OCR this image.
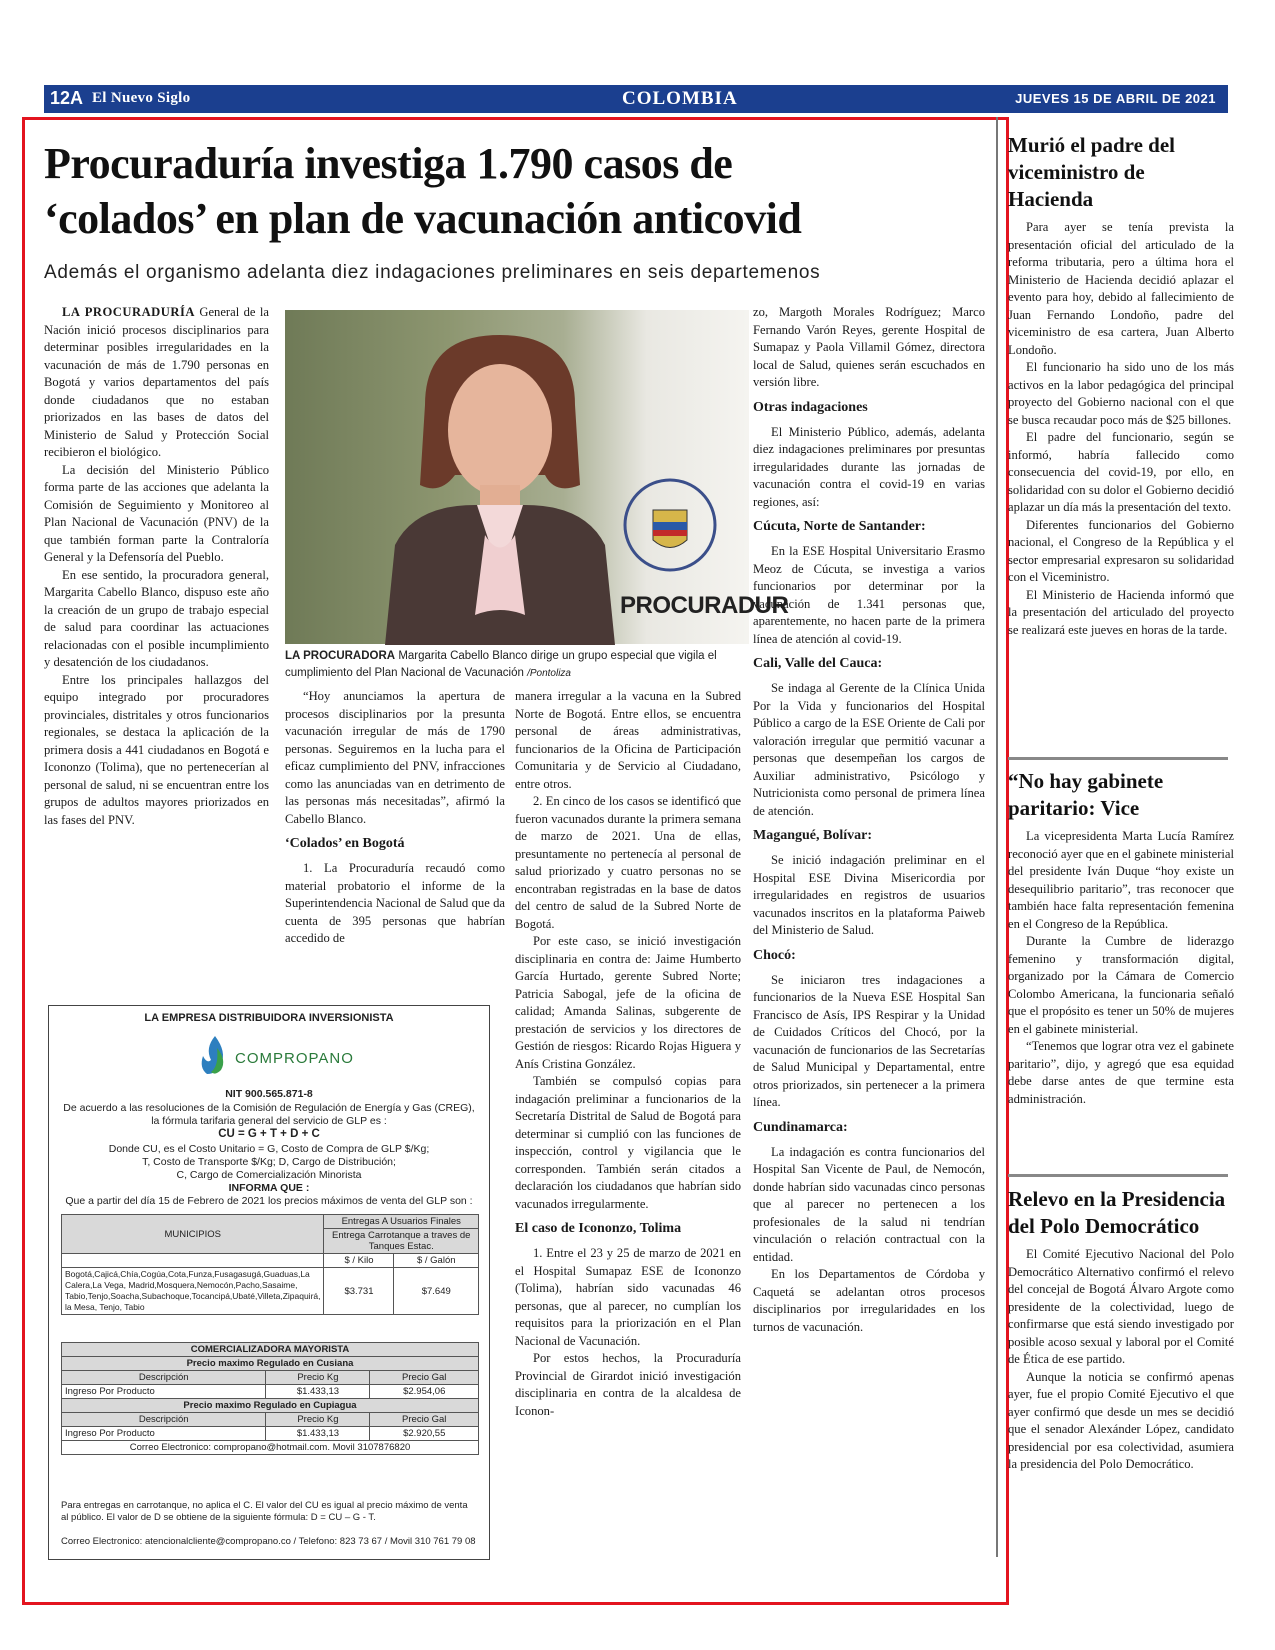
12A El Nuevo Siglo	COLOMBIA	JUEVES 15 DE ABRIL DE 2021
Procuraduría investiga 1.790 casos de
‘colados’ en plan de vacunación anticovid
Además el organismo adelanta diez indagaciones preliminares en seis departemenos

LA PROCURADURÍA General de la Nación inició procesos disciplinarios para determinar posibles irregularidades en la vacunación de más de 1.790 personas en Bogotá y varios departamentos del país donde ciudadanos que no estaban priorizados en las bases de datos del Ministerio de Salud y Protección Social recibieron el biológico.

La decisión del Ministerio Público forma parte de las acciones que adelanta la Comisión de Seguimiento y Monitoreo al Plan Nacional de Vacunación (PNV) de la que también forman parte la Contraloría General y la Defensoría del Pueblo.

En ese sentido, la procuradora general, Margarita Cabello Blanco, dispuso este año la creación de un grupo de trabajo especial de salud para coordinar las actuaciones relacionadas con el posible incumplimiento y desatención de los ciudadanos.

Entre los principales hallazgos del equipo integrado por procuradores provinciales, distritales y otros funcionarios regionales, se destaca la aplicación de la primera dosis a 441 ciudadanos en Bogotá e Icononzo (Tolima), que no pertenecerían al personal de salud, ni se encuentran entre los grupos de adultos mayores priorizados en las fases del PNV.

PROCURADUR
LA PROCURADORA Margarita Cabello Blanco dirige un grupo especial que vigila el cumplimiento del Plan Nacional de Vacunación /Pontoliza

“Hoy anunciamos la apertura de procesos disciplinarios por la presunta vacunación irregular de más de 1790 personas. Seguiremos en la lucha para el eficaz cumplimiento del PNV, infracciones como las anunciadas van en detrimento de las personas más necesitadas”, afirmó la Cabello Blanco.

‘Colados’ en Bogotá

1. La Procuraduría recaudó como material probatorio el informe de la Superintendencia Nacional de Salud que da cuenta de 395 personas que habrían accedido de

manera irregular a la vacuna en la Subred Norte de Bogotá. Entre ellos, se encuentra personal de áreas administrativas, funcionarios de la Oficina de Participación Comunitaria y de Servicio al Ciudadano, entre otros.

2. En cinco de los casos se identificó que fueron vacunados durante la primera semana de marzo de 2021. Una de ellas, presuntamente no pertenecía al personal de salud priorizado y cuatro personas no se encontraban registradas en la base de datos del centro de salud de la Subred Norte de Bogotá.

Por este caso, se inició investigación disciplinaria en contra de: Jaime Humberto García Hurtado, gerente Subred Norte; Patricia Sabogal, jefe de la oficina de calidad; Amanda Salinas, subgerente de prestación de servicios y los directores de Gestión de riesgos: Ricardo Rojas Higuera y Anís Cristina González.

También se compulsó copias para indagación preliminar a funcionarios de la Secretaría Distrital de Salud de Bogotá para determinar si cumplió con las funciones de inspección, control y vigilancia que le corresponden. También serán citados a declaración los ciudadanos que habrían sido vacunados irregularmente.

El caso de Icononzo, Tolima

1. Entre el 23 y 25 de marzo de 2021 en el Hospital Sumapaz ESE de Icononzo (Tolima), habrían sido vacunadas 46 personas, que al parecer, no cumplían los requisitos para la priorización en el Plan Nacional de Vacunación.

Por estos hechos, la Procuraduría Provincial de Girardot inició investigación disciplinaria en contra de la alcaldesa de Iconon-

zo, Margoth Morales Rodríguez; Marco Fernando Varón Reyes, gerente Hospital de Sumapaz y Paola Villamil Gómez, directora local de Salud, quienes serán escuchados en versión libre.

Otras indagaciones

El Ministerio Público, además, adelanta diez indagaciones preliminares por presuntas irregularidades durante las jornadas de vacunación contra el covid-19 en varias regiones, así:

Cúcuta, Norte de Santander:

En la ESE Hospital Universitario Erasmo Meoz de Cúcuta, se investiga a varios funcionarios por determinar por la vacunación de 1.341 personas que, aparentemente, no hacen parte de la primera línea de atención al covid-19.

Cali, Valle del Cauca:

Se indaga al Gerente de la Clínica Unida Por la Vida y funcionarios del Hospital Público a cargo de la ESE Oriente de Cali por valoración irregular que permitió vacunar a personas que desempeñan los cargos de Auxiliar administrativo, Psicólogo y Nutricionista como personal de primera línea de atención.

Magangué, Bolívar:

Se inició indagación preliminar en el Hospital ESE Divina Misericordia por irregularidades en registros de usuarios vacunados inscritos en la plataforma Paiweb del Ministerio de Salud.

Chocó:

Se iniciaron tres indagaciones a funcionarios de la Nueva ESE Hospital San Francisco de Asís, IPS Respirar y la Unidad de Cuidados Críticos del Chocó, por la vacunación de funcionarios de las Secretarías de Salud Municipal y Departamental, entre otros priorizados, sin pertenecer a la primera línea.

Cundinamarca:

La indagación es contra funcionarios del Hospital San Vicente de Paul, de Nemocón, donde habrían sido vacunadas cinco personas que al parecer no pertenecen a los profesionales de la salud ni tendrían vinculación o relación contractual con la entidad.

En los Departamentos de Córdoba y Caquetá se adelantan otros procesos disciplinarios por irregularidades en los turnos de vacunación.

LA EMPRESA DISTRIBUIDORA INVERSIONISTA
COMPROPANO
NIT 900.565.871-8
De acuerdo a las resoluciones de la Comisión de Regulación de Energía y Gas (CREG),
la fórmula tarifaria general del servicio de GLP es :
CU = G + T + D + C
Donde CU, es el Costo Unitario = G, Costo de Compra de GLP $/Kg;
T, Costo de Transporte $/Kg; D, Cargo de Distribución;
C, Cargo de Comercialización Minorista
INFORMA QUE :
Que a partir del día 15 de Febrero de 2021 los precios máximos de venta del GLP son :
MUNICIPIOS	Entregas A Usuarios Finales	
	Entrega Carrotanque a traves de Tanques Estac.	
	$ / Kilo	$ / Galón
Bogotá,Cajicá,Chía,Cogúa,Cota,Funza,Fusagasugá,Guaduas,La Calera,La Vega, Madrid,Mosquera,Nemocón,Pacho,Sasaime, Tabio,Tenjo,Soacha,Subachoque,Tocancipá,Ubaté,Villeta,Zipaquirá, la Mesa, Tenjo, Tabio	$3.731	$7.649
COMERCIALIZADORA MAYORISTA		
Precio maximo Regulado en Cusiana		
Descripción	Precio Kg	Precio Gal
Ingreso Por Producto	$1.433,13	$2.954,06
Precio maximo Regulado en Cupiagua		
Descripción	Precio Kg	Precio Gal
Ingreso Por Producto	$1.433,13	$2.920,55
Correo Electronico: compropano@hotmail.com. Movil 3107876820		
Para entregas en carrotanque, no aplica el C. El valor del CU es igual al precio máximo de venta
al público. El valor de D se obtiene de la siguiente fórmula: D = CU – G - T.
Correo Electronico: atencionalcliente@compropano.co / Telefono: 823 73 67 / Movil 310 761 79 08
Murió el padre del viceministro de Hacienda

Para ayer se tenía prevista la presentación oficial del articulado de la reforma tributaria, pero a última hora el Ministerio de Hacienda decidió aplazar el evento para hoy, debido al fallecimiento de Juan Fernando Londoño, padre del viceministro de esa cartera, Juan Alberto Londoño.

El funcionario ha sido uno de los más activos en la labor pedagógica del principal proyecto del Gobierno nacional con el que se busca recaudar poco más de $25 billones.

El padre del funcionario, según se informó, habría fallecido como consecuencia del covid-19, por ello, en solidaridad con su dolor el Gobierno decidió aplazar un día más la presentación del texto.

Diferentes funcionarios del Gobierno nacional, el Congreso de la República y el sector empresarial expresaron su solidaridad con el Viceministro.

El Ministerio de Hacienda informó que la presentación del articulado del proyecto se realizará este jueves en horas de la tarde.

“No hay gabinete paritario: Vice

La vicepresidenta Marta Lucía Ramírez reconoció ayer que en el gabinete ministerial del presidente Iván Duque “hoy existe un desequilibrio paritario”, tras reconocer que también hace falta representación femenina en el Congreso de la República.

Durante la Cumbre de liderazgo femenino y transformación digital, organizado por la Cámara de Comercio Colombo Americana, la funcionaria señaló que el propósito es tener un 50% de mujeres en el gabinete ministerial.

“Tenemos que lograr otra vez el gabinete paritario”, dijo, y agregó que esa equidad debe darse antes de que termine esta administración.

Relevo en la Presidencia del Polo Democrático

El Comité Ejecutivo Nacional del Polo Democrático Alternativo confirmó el relevo del concejal de Bogotá Álvaro Argote como presidente de la colectividad, luego de confirmarse que está siendo investigado por posible acoso sexual y laboral por el Comité de Ética de ese partido.

Aunque la noticia se confirmó apenas ayer, fue el propio Comité Ejecutivo el que ayer confirmó que desde un mes se decidió que el senador Alexánder López, candidato presidencial por esa colectividad, asumiera la presidencia del Polo Democrático.
